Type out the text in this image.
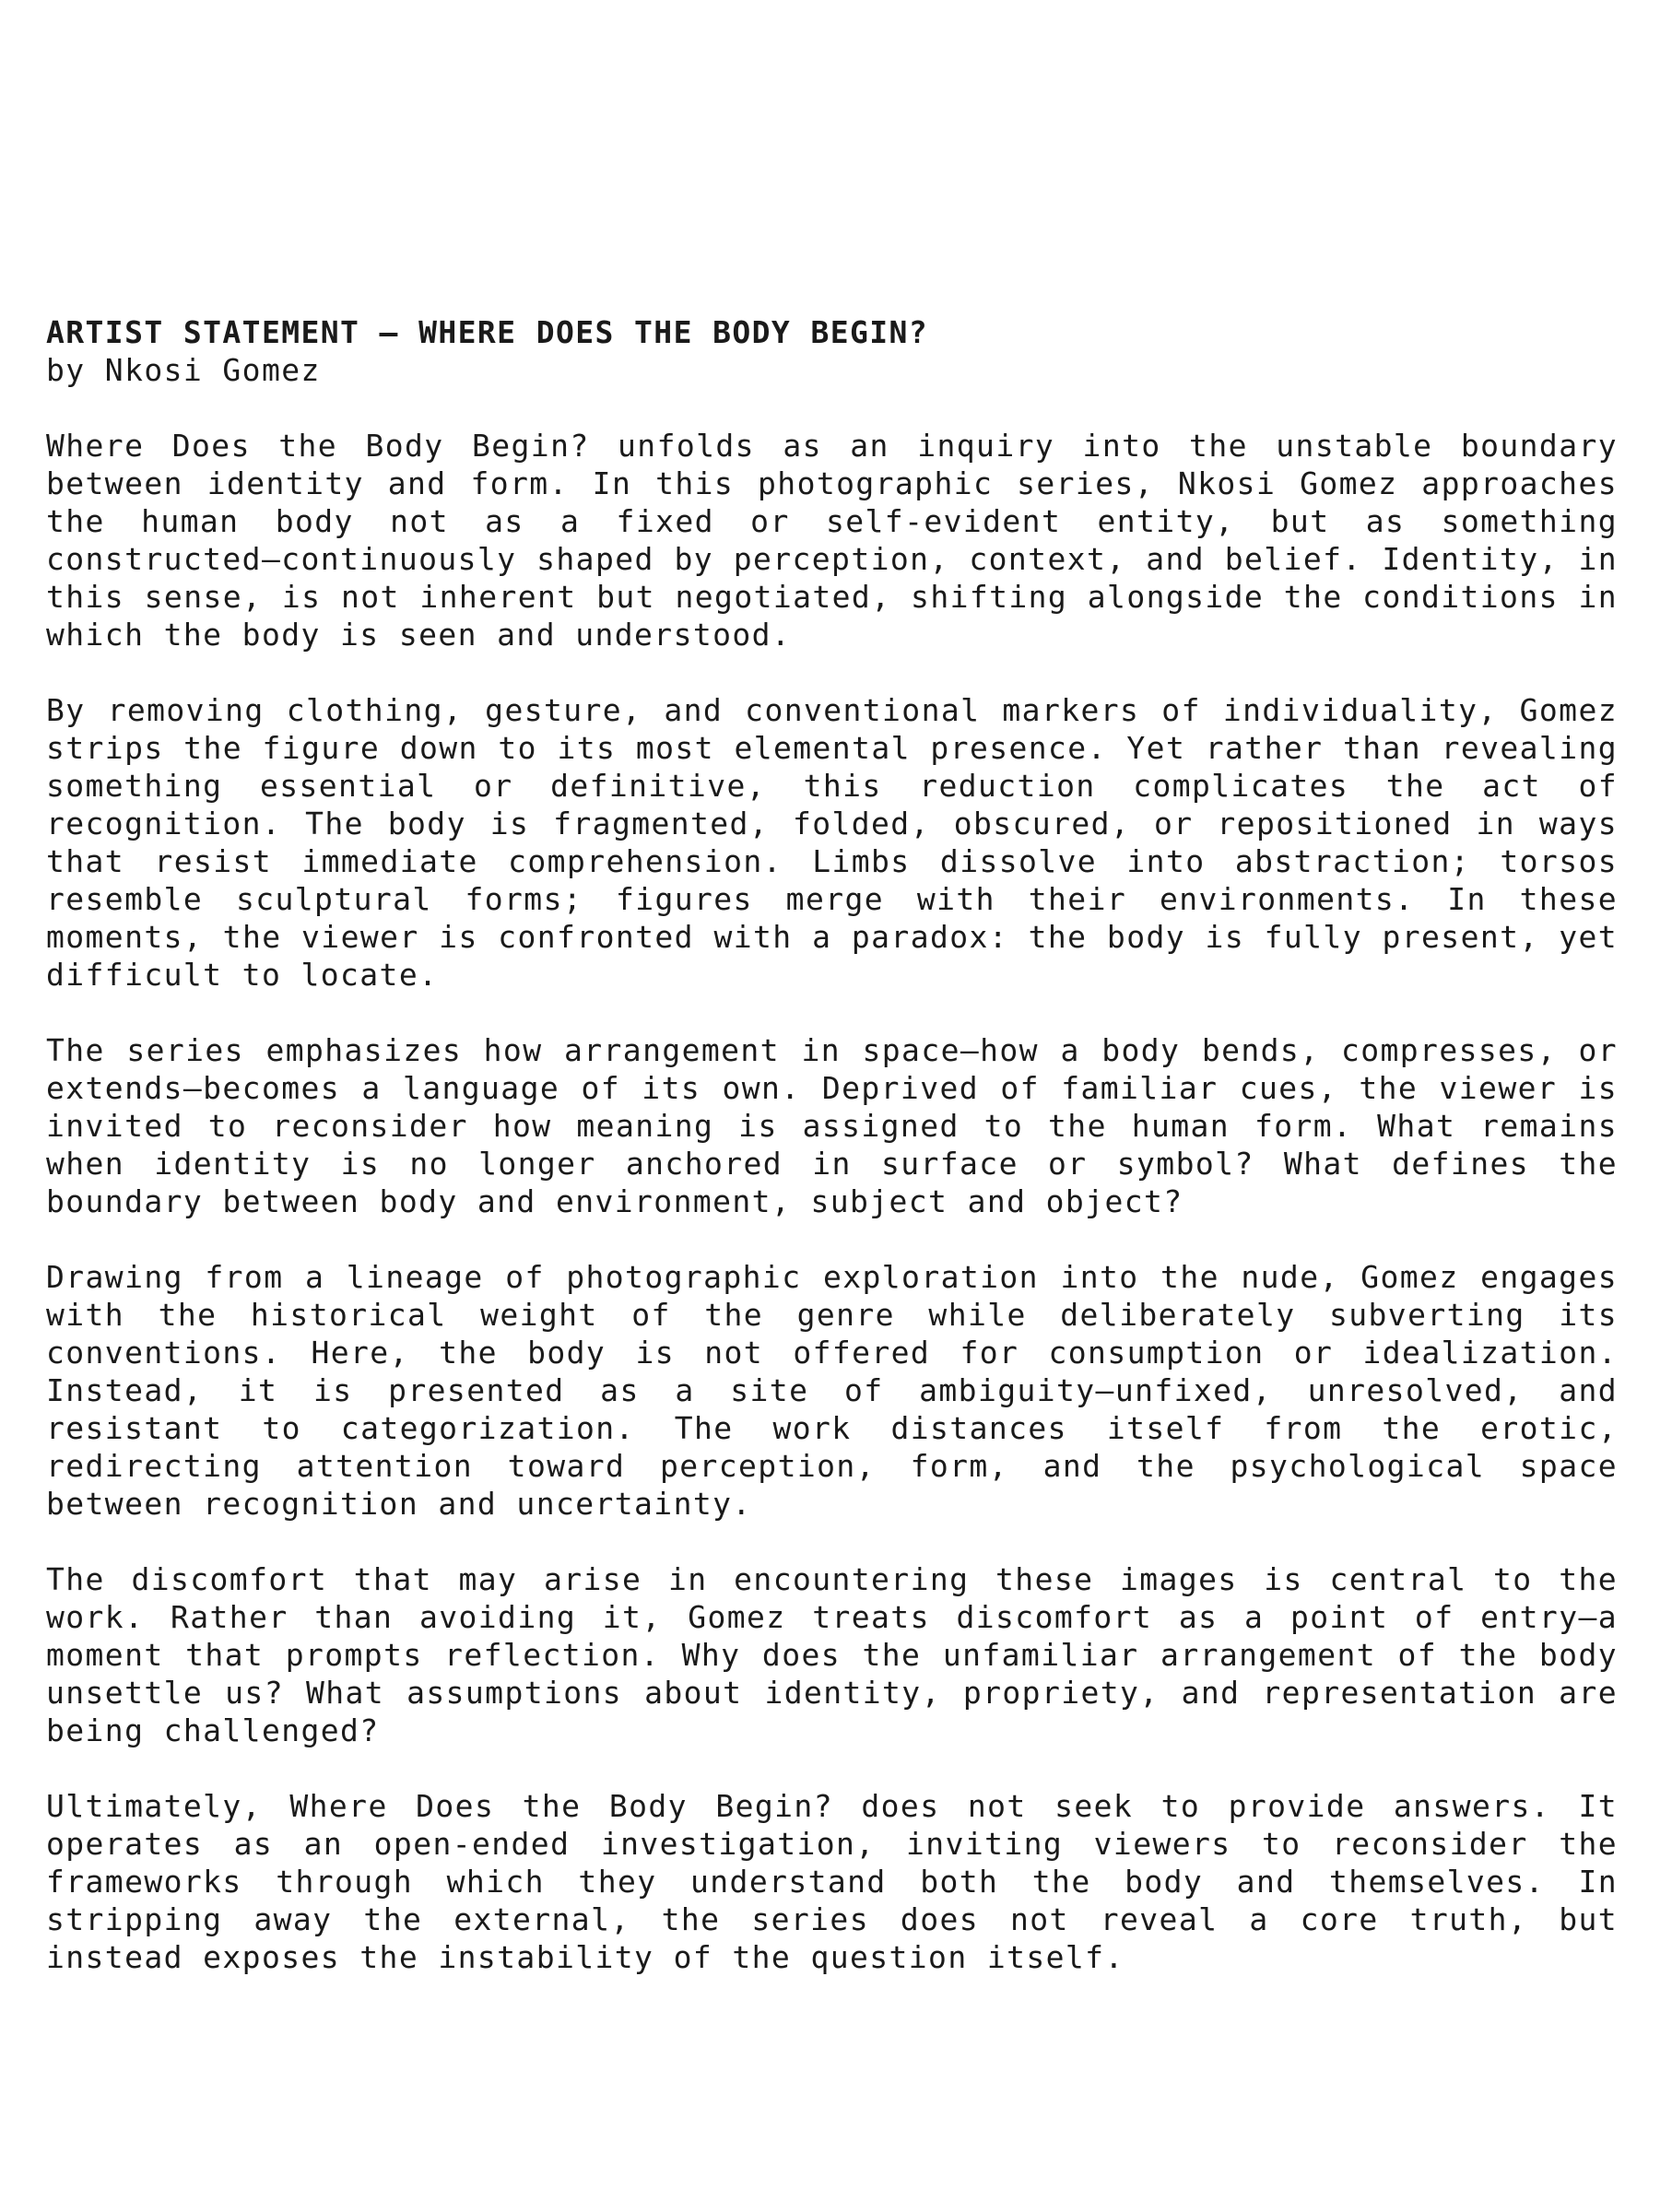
ARTIST STATEMENT — WHERE DOES THE BODY BEGIN?

by Nkosi Gomez

Where Does the Body Begin? unfolds as an inquiry into the unstable boundary between identity and form. In this photographic series, Nkosi Gomez approaches the human body not as a fixed or self-evident entity, but as something constructed—continuously shaped by perception, context, and belief. Identity, in this sense, is not inherent but negotiated, shifting alongside the conditions in which the body is seen and understood.

By removing clothing, gesture, and conventional markers of individuality, Gomez strips the figure down to its most elemental presence. Yet rather than revealing something essential or definitive, this reduction complicates the act of recognition. The body is fragmented, folded, obscured, or repositioned in ways that resist immediate comprehension. Limbs dissolve into abstraction; torsos resemble sculptural forms; figures merge with their environments. In these moments, the viewer is confronted with a paradox: the body is fully present, yet difficult to locate.

The series emphasizes how arrangement in space—how a body bends, compresses, or extends—becomes a language of its own. Deprived of familiar cues, the viewer is invited to reconsider how meaning is assigned to the human form. What remains when identity is no longer anchored in surface or symbol? What defines the boundary between body and environment, subject and object?

Drawing from a lineage of photographic exploration into the nude, Gomez engages with the historical weight of the genre while deliberately subverting its conventions. Here, the body is not offered for consumption or idealization. Instead, it is presented as a site of ambiguity—unfixed, unresolved, and resistant to categorization. The work distances itself from the erotic, redirecting attention toward perception, form, and the psychological space between recognition and uncertainty.

The discomfort that may arise in encountering these images is central to the work. Rather than avoiding it, Gomez treats discomfort as a point of entry—a moment that prompts reflection. Why does the unfamiliar arrangement of the body unsettle us? What assumptions about identity, propriety, and representation are being challenged?

Ultimately, Where Does the Body Begin? does not seek to provide answers. It operates as an open-ended investigation, inviting viewers to reconsider the frameworks through which they understand both the body and themselves. In stripping away the external, the series does not reveal a core truth, but instead exposes the instability of the question itself.
